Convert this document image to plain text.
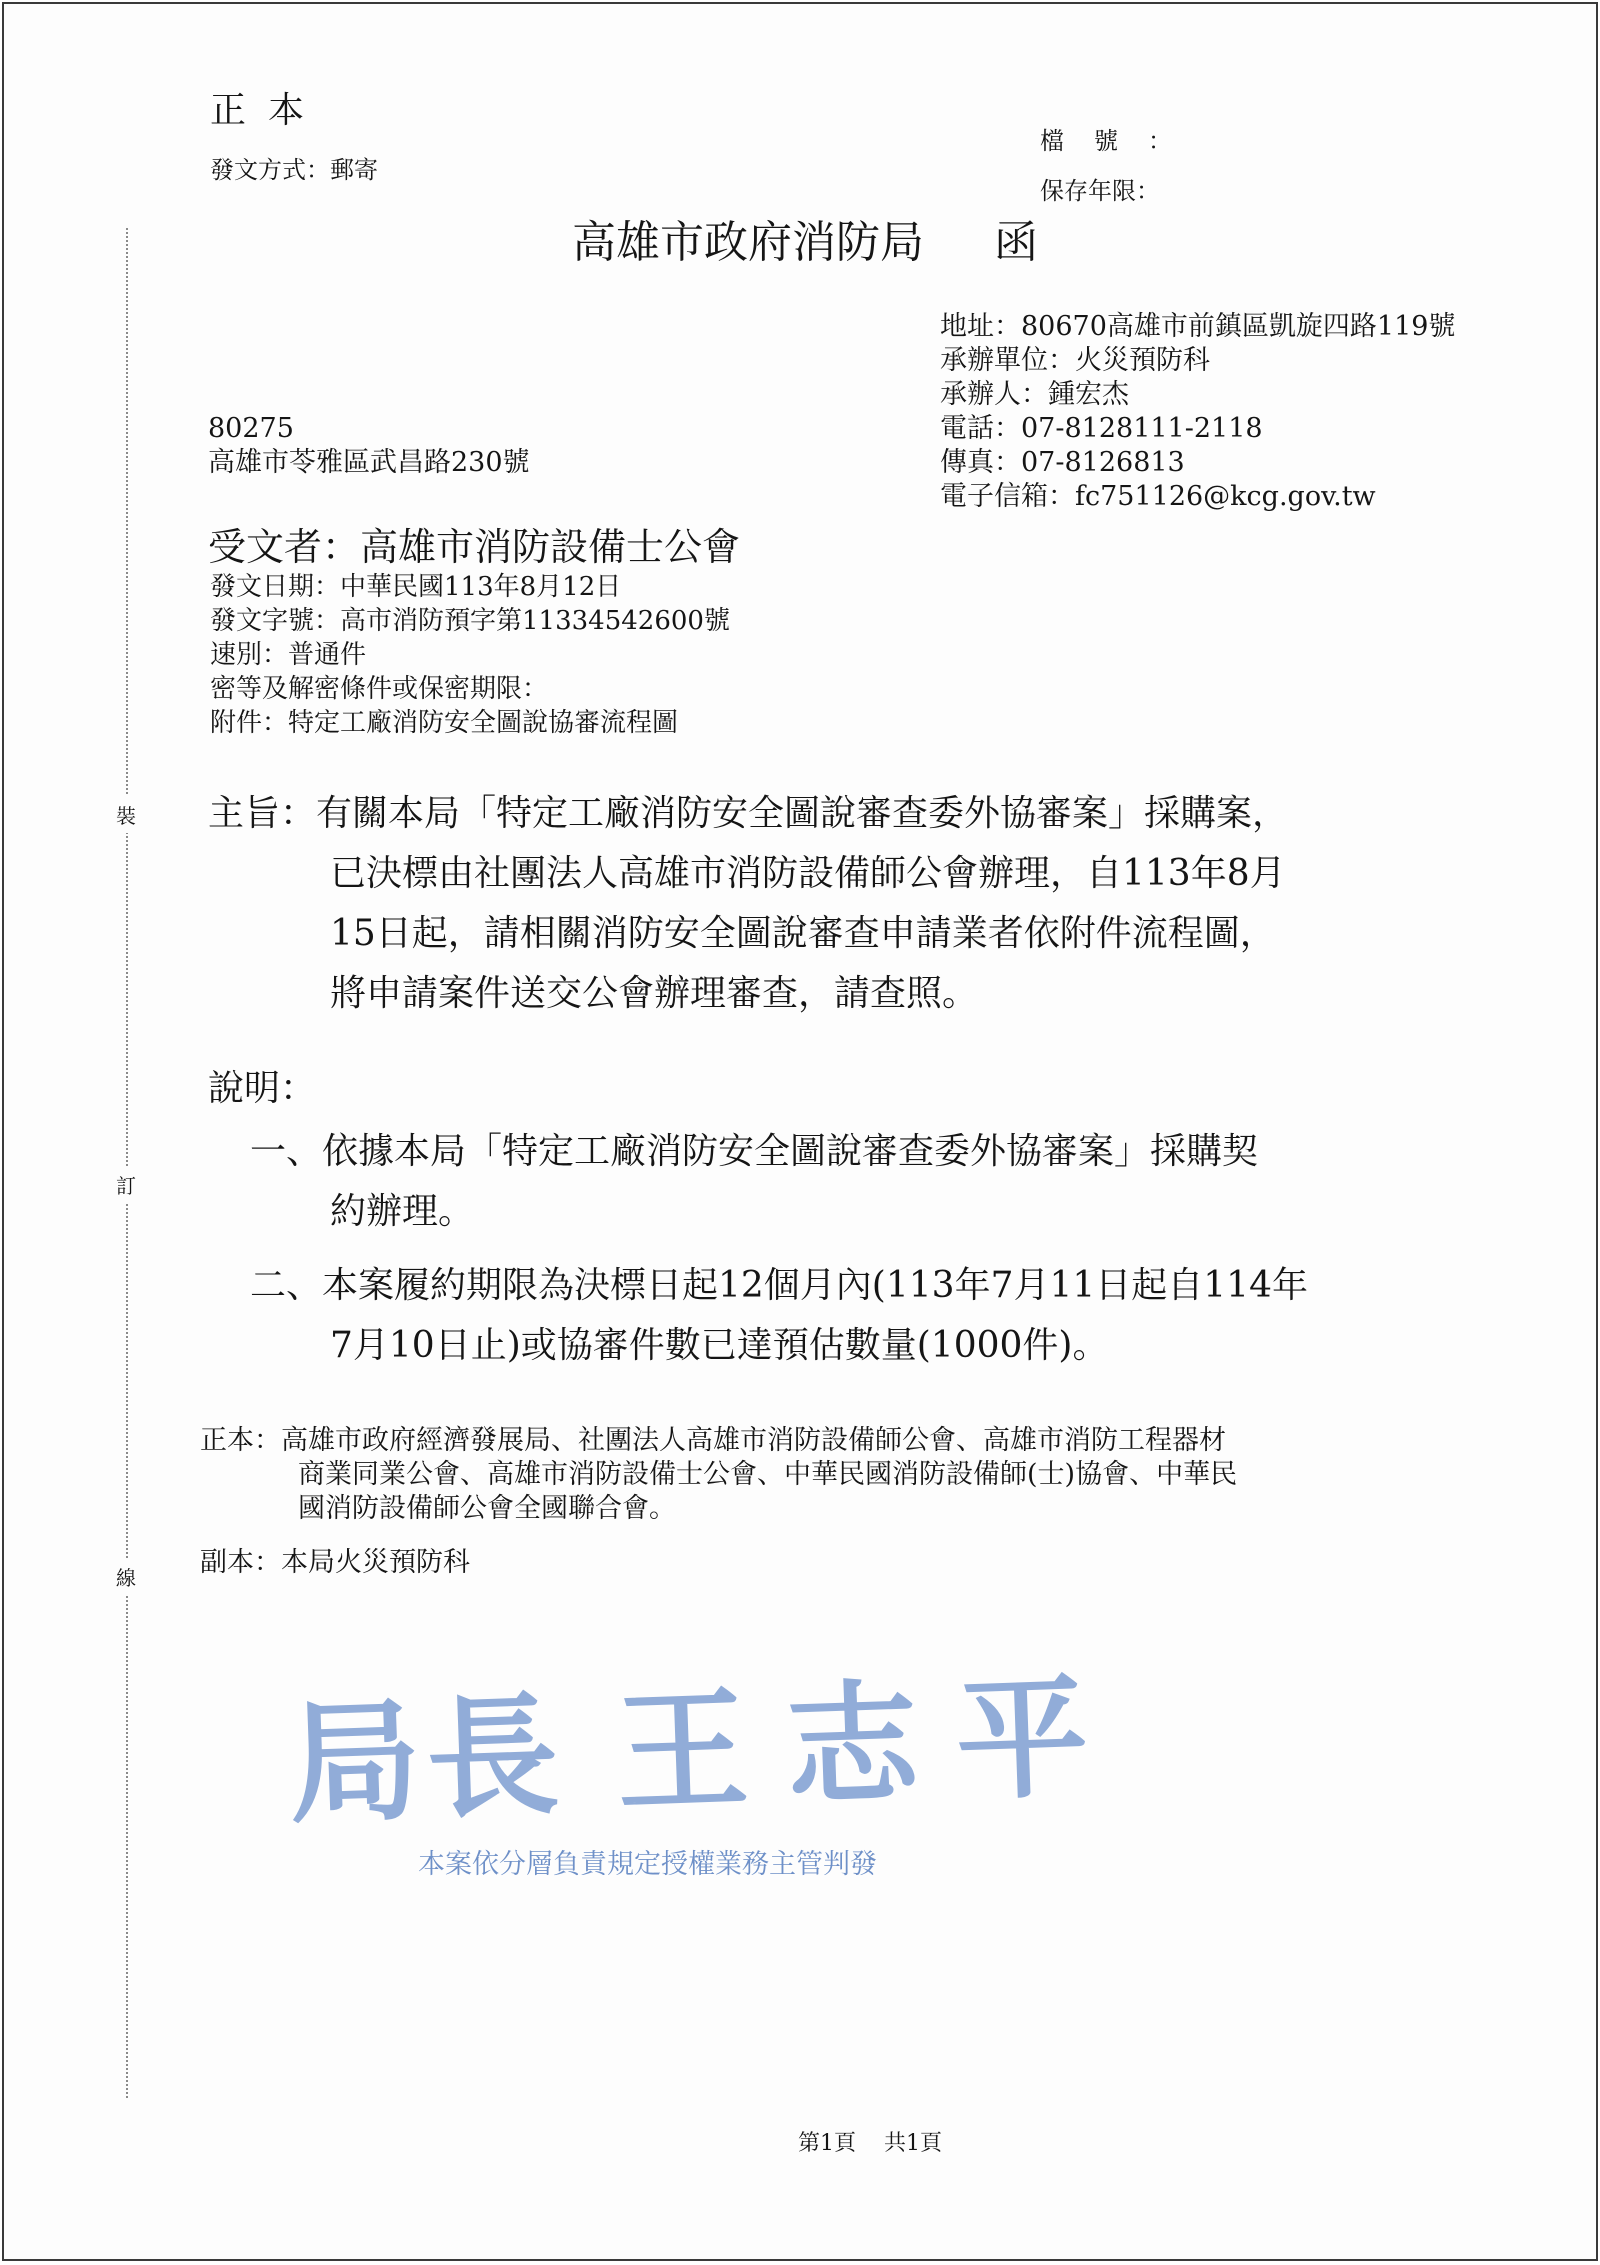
裝
訂
線
正本
發文方式：郵寄
檔號：
保存年限：
高雄市政府消防局 函
地址：80670高雄市前鎮區凱旋四路119號
承辦單位：火災預防科
承辦人：鍾宏杰
電話：07-8128111-2118
傳真：07-8126813
電子信箱：fc751126@kcg.gov.tw
80275
高雄市苓雅區武昌路230號
受文者：高雄市消防設備士公會
發文日期：中華民國113年8月12日
發文字號：高市消防預字第11334542600號
速別：普通件
密等及解密條件或保密期限：
附件：特定工廠消防安全圖說協審流程圖
主旨：有關本局「特定工廠消防安全圖說審查委外協審案」採購案，
已決標由社團法人高雄市消防設備師公會辦理，自113年8月
15日起，請相關消防安全圖說審查申請業者依附件流程圖，
將申請案件送交公會辦理審查，請查照。
說明：
一、依據本局「特定工廠消防安全圖說審查委外協審案」採購契
約辦理。
二、本案履約期限為決標日起12個月內(113年7月11日起自114年
7月10日止)或協審件數已達預估數量(1000件)。
正本：高雄市政府經濟發展局、社團法人高雄市消防設備師公會、高雄市消防工程器材
商業同業公會、高雄市消防設備士公會、中華民國消防設備師(士)協會、中華民
國消防設備師公會全國聯合會。
副本：本局火災預防科
局長 王志平
本案依分層負責規定授權業務主管判發
第1頁 共1頁
